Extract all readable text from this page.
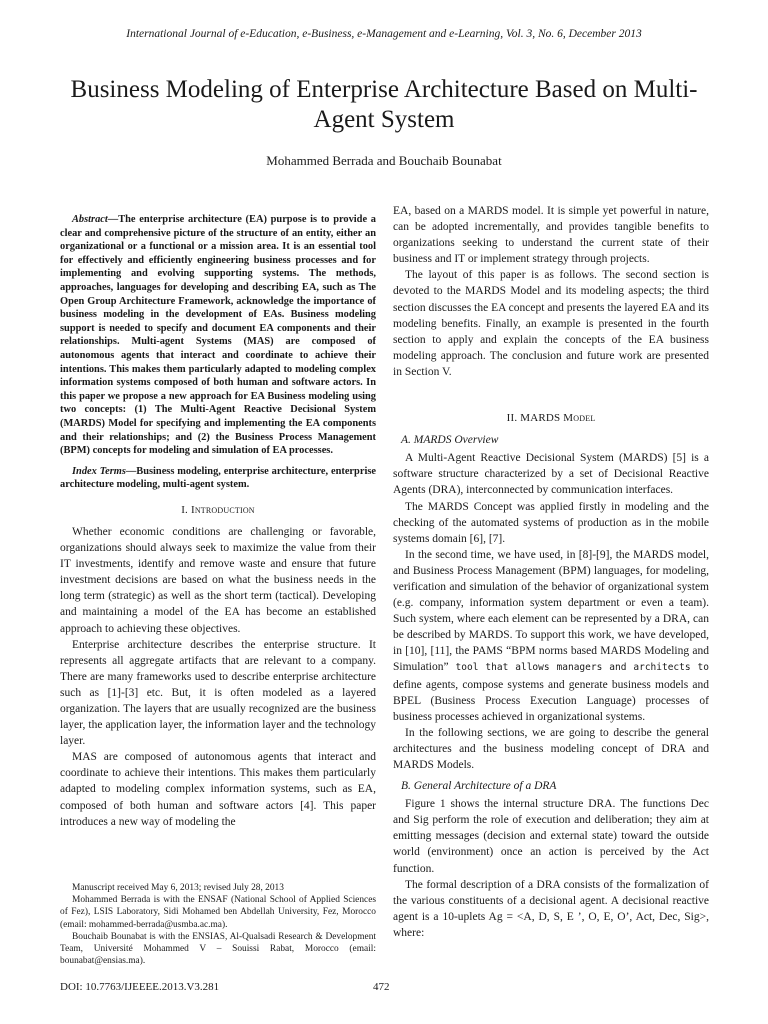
International Journal of e-Education, e-Business, e-Management and e-Learning, Vol. 3, No. 6, December 2013
Business Modeling of Enterprise Architecture Based on Multi-Agent System
Mohammed Berrada and Bouchaib Bounabat

Abstract—The enterprise architecture (EA) purpose is to provide a clear and comprehensive picture of the structure of an entity, either an organizational or a functional or a mission area. It is an essential tool for effectively and efficiently engineering business processes and for implementing and evolving supporting systems. The methods, approaches, languages for developing and describing EA, such as The Open Group Architecture Framework, acknowledge the importance of business modeling in the development of EAs. Business modeling support is needed to specify and document EA components and their relationships. Multi-agent Systems (MAS) are composed of autonomous agents that interact and coordinate to achieve their intentions. This makes them particularly adapted to modeling complex information systems composed of both human and software actors. In this paper we propose a new approach for EA Business modeling using two concepts: (1) The Multi-Agent Reactive Decisional System (MARDS) Model for specifying and implementing the EA components and their relationships; and (2) the Business Process Management (BPM) concepts for modeling and simulation of EA processes.

Index Terms—Business modeling, enterprise architecture, enterprise architecture modeling, multi-agent system.

I. Introduction

Whether economic conditions are challenging or favorable, organizations should always seek to maximize the value from their IT investments, identify and remove waste and ensure that future investment decisions are based on what the business needs in the long term (strategic) as well as the short term (tactical). Developing and maintaining a model of the EA has become an established approach to achieving these objectives.

Enterprise architecture describes the enterprise structure. It represents all aggregate artifacts that are relevant to a company. There are many frameworks used to describe enterprise architecture such as [1]-[3] etc. But, it is often modeled as a layered organization. The layers that are usually recognized are the business layer, the application layer, the information layer and the technology layer.

MAS are composed of autonomous agents that interact and coordinate to achieve their intentions. This makes them particularly adapted to modeling complex information systems, such as EA, composed of both human and software actors [4]. This paper introduces a new way of modeling the

Manuscript received May 6, 2013; revised July 28, 2013

Mohammed Berrada is with the ENSAF (National School of Applied Sciences of Fez), LSIS Laboratory, Sidi Mohamed ben Abdellah University, Fez, Morocco (email: mohammed-berrada@usmba.ac.ma).

Bouchaib Bounabat is with the ENSIAS, Al-Qualsadi Research & Development Team, Université Mohammed V – Souissi Rabat, Morocco (email: bounabat@ensias.ma).

EA, based on a MARDS model. It is simple yet powerful in nature, can be adopted incrementally, and provides tangible benefits to organizations seeking to understand the current state of their business and IT or implement strategy through projects.

The layout of this paper is as follows. The second section is devoted to the MARDS Model and its modeling aspects; the third section discusses the EA concept and presents the layered EA and its modeling benefits. Finally, an example is presented in the fourth section to apply and explain the concepts of the EA business modeling approach. The conclusion and future work are presented in Section V.

II. MARDS Model
A. MARDS Overview

A Multi-Agent Reactive Decisional System (MARDS) [5] is a software structure characterized by a set of Decisional Reactive Agents (DRA), interconnected by communication interfaces.

The MARDS Concept was applied firstly in modeling and the checking of the automated systems of production as in the mobile systems domain [6], [7].

In the second time, we have used, in [8]-[9], the MARDS model, and Business Process Management (BPM) languages, for modeling, verification and simulation of the behavior of organizational system (e.g. company, information system department or even a team). Such system, where each element can be represented by a DRA, can be described by MARDS. To support this work, we have developed, in [10], [11], the PAMS “BPM norms based MARDS Modeling and Simulation” tool that allows managers and architects to define agents, compose systems and generate business models and BPEL (Business Process Execution Language) processes of business processes achieved in organizational systems.

In the following sections, we are going to describe the general architectures and the business modeling concept of DRA and MARDS Models.

B. General Architecture of a DRA

Figure 1 shows the internal structure DRA. The functions Dec and Sig perform the role of execution and deliberation; they aim at emitting messages (decision and external state) toward the outside world (environment) once an action is perceived by the Act function.

The formal description of a DRA consists of the formalization of the various constituents of a decisional agent. A decisional reactive agent is a 10-uplets Ag = <A, D, S, E ’, O, E, O’, Act, Dec, Sig>, where:

DOI: 10.7763/IJEEEE.2013.V3.281	472
